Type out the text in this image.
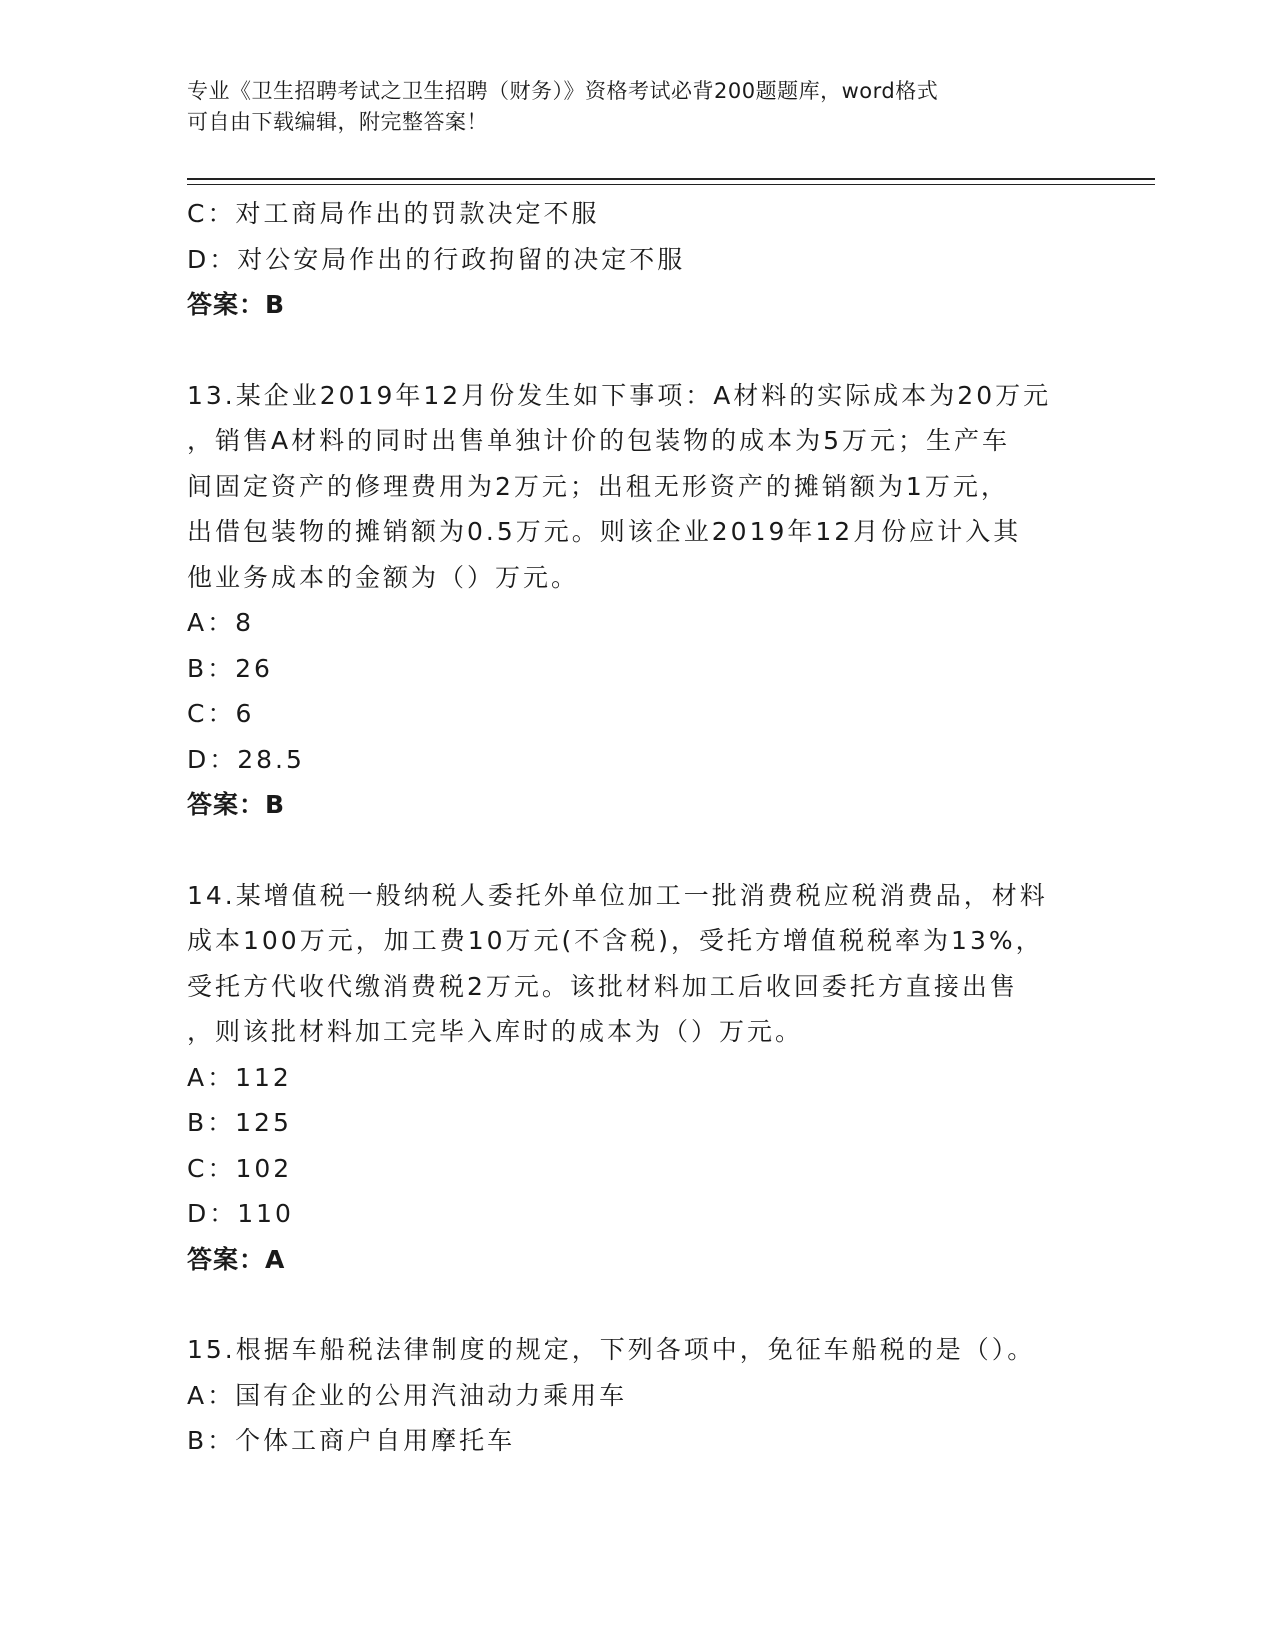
专业《卫生招聘考试之卫生招聘（财务）》资格考试必背200题题库，word格式
可自由下载编辑，附完整答案！
C：对工商局作出的罚款决定不服
D：对公安局作出的行政拘留的决定不服
答案：B
13.某企业2019年12月份发生如下事项：A材料的实际成本为20万元
，销售A材料的同时出售单独计价的包装物的成本为5万元；生产车
间固定资产的修理费用为2万元；出租无形资产的摊销额为1万元，
出借包装物的摊销额为0.5万元。则该企业2019年12月份应计入其
他业务成本的金额为（）万元。
A：8
B：26
C：6
D：28.5
答案：B
14.某增值税一般纳税人委托外单位加工一批消费税应税消费品，材料
成本100万元，加工费10万元(不含税)，受托方增值税税率为13%，
受托方代收代缴消费税2万元。该批材料加工后收回委托方直接出售
，则该批材料加工完毕入库时的成本为（）万元。
A：112
B：125
C：102
D：110
答案：A
15.根据车船税法律制度的规定，下列各项中，免征车船税的是（）。
A：国有企业的公用汽油动力乘用车
B：个体工商户自用摩托车
